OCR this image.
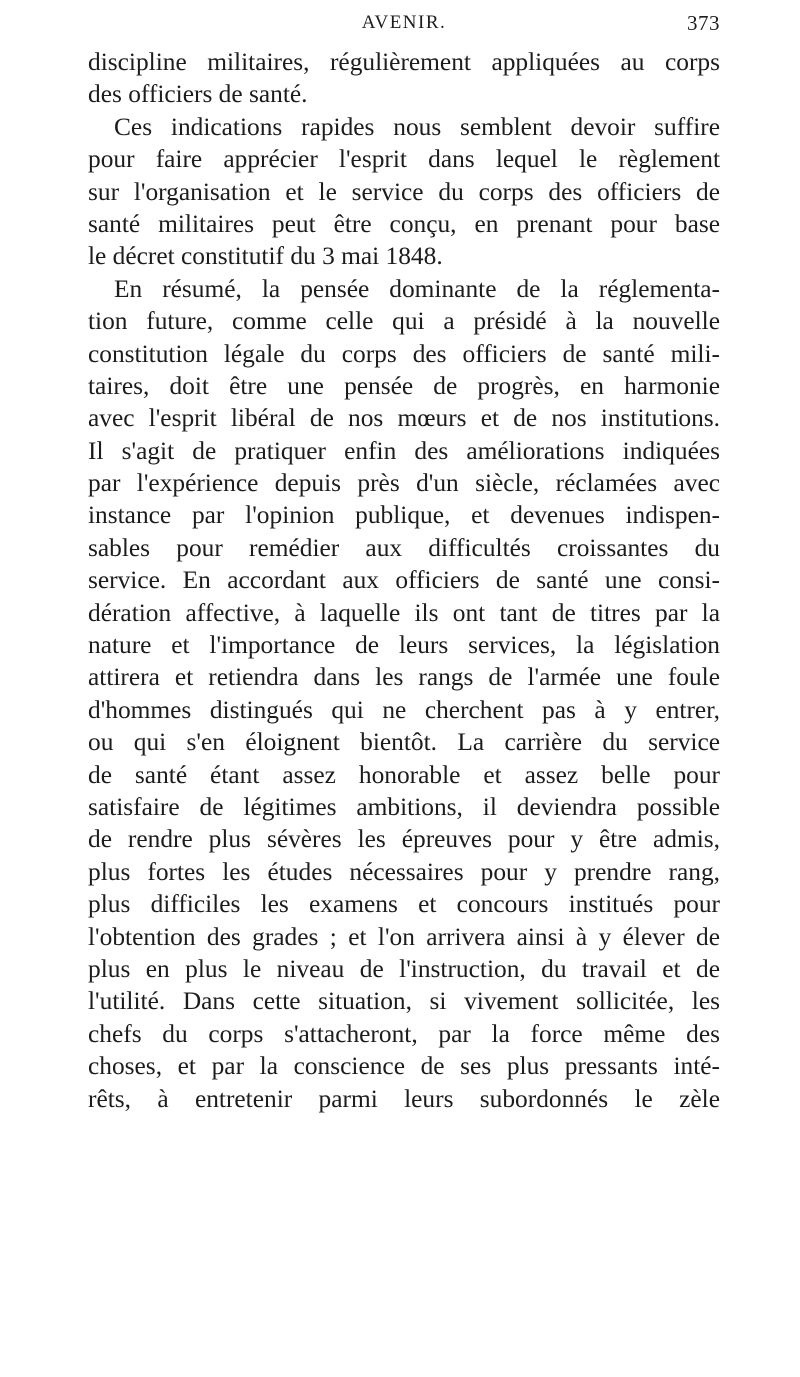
AVENIR.	373
discipline militaires, régulièrement appliquées au corps
des officiers de santé.
Ces indications rapides nous semblent devoir suffire
pour faire apprécier l'esprit dans lequel le règlement
sur l'organisation et le service du corps des officiers de
santé militaires peut être conçu, en prenant pour base
le décret constitutif du 3 mai 1848.
En résumé, la pensée dominante de la réglementa-
tion future, comme celle qui a présidé à la nouvelle
constitution légale du corps des officiers de santé mili-
taires, doit être une pensée de progrès, en harmonie
avec l'esprit libéral de nos mœurs et de nos institutions.
Il s'agit de pratiquer enfin des améliorations indiquées
par l'expérience depuis près d'un siècle, réclamées avec
instance par l'opinion publique, et devenues indispen-
sables pour remédier aux difficultés croissantes du
service. En accordant aux officiers de santé une consi-
dération affective, à laquelle ils ont tant de titres par la
nature et l'importance de leurs services, la législation
attirera et retiendra dans les rangs de l'armée une foule
d'hommes distingués qui ne cherchent pas à y entrer,
ou qui s'en éloignent bientôt. La carrière du service
de santé étant assez honorable et assez belle pour
satisfaire de légitimes ambitions, il deviendra possible
de rendre plus sévères les épreuves pour y être admis,
plus fortes les études nécessaires pour y prendre rang,
plus difficiles les examens et concours institués pour
l'obtention des grades ; et l'on arrivera ainsi à y élever de
plus en plus le niveau de l'instruction, du travail et de
l'utilité. Dans cette situation, si vivement sollicitée, les
chefs du corps s'attacheront, par la force même des
choses, et par la conscience de ses plus pressants inté-
rêts, à entretenir parmi leurs subordonnés le zèle
